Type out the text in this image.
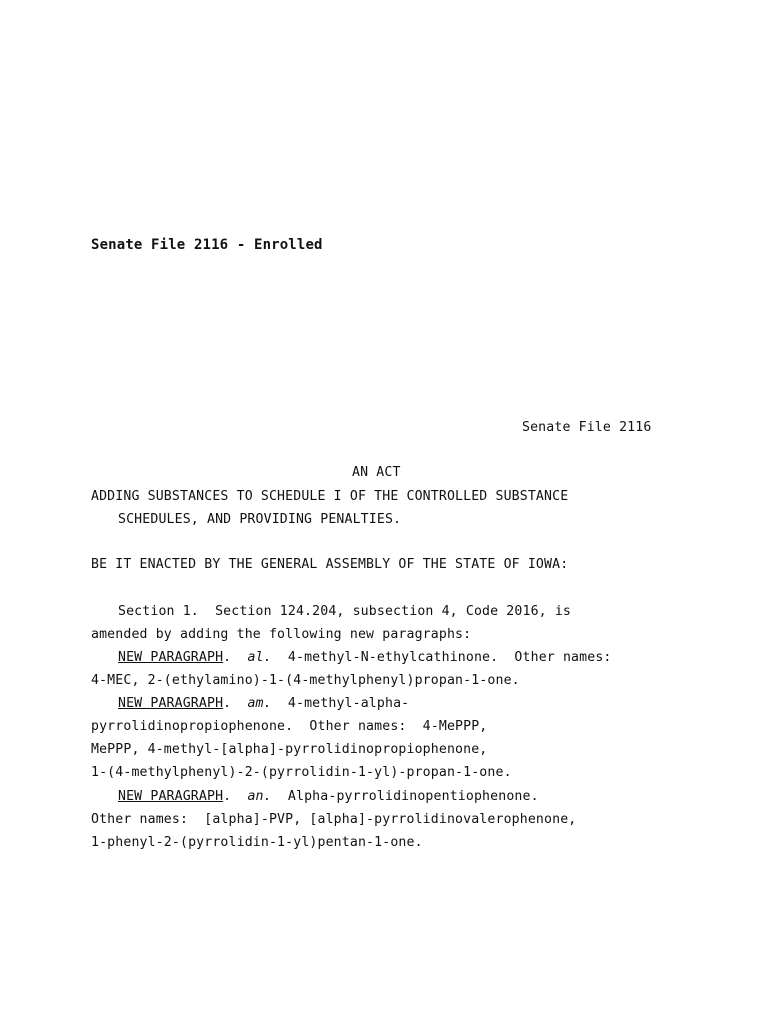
Senate File 2116 - Enrolled
Senate File 2116
AN ACT
ADDING SUBSTANCES TO SCHEDULE I OF THE CONTROLLED SUBSTANCE
SCHEDULES, AND PROVIDING PENALTIES.
BE IT ENACTED BY THE GENERAL ASSEMBLY OF THE STATE OF IOWA:
Section 1.  Section 124.204, subsection 4, Code 2016, is
amended by adding the following new paragraphs:
NEW PARAGRAPH.  al.  4-methyl-N-ethylcathinone.  Other names:
4-MEC, 2-(ethylamino)-1-(4-methylphenyl)propan-1-one.
NEW PARAGRAPH.  am.  4-methyl-alpha-
pyrrolidinopropiophenone.  Other names:  4-MePPP,
MePPP, 4-methyl-[alpha]-pyrrolidinopropiophenone,
1-(4-methylphenyl)-2-(pyrrolidin-1-yl)-propan-1-one.
NEW PARAGRAPH.  an.  Alpha-pyrrolidinopentiophenone.
Other names:  [alpha]-PVP, [alpha]-pyrrolidinovalerophenone,
1-phenyl-2-(pyrrolidin-1-yl)pentan-1-one.
